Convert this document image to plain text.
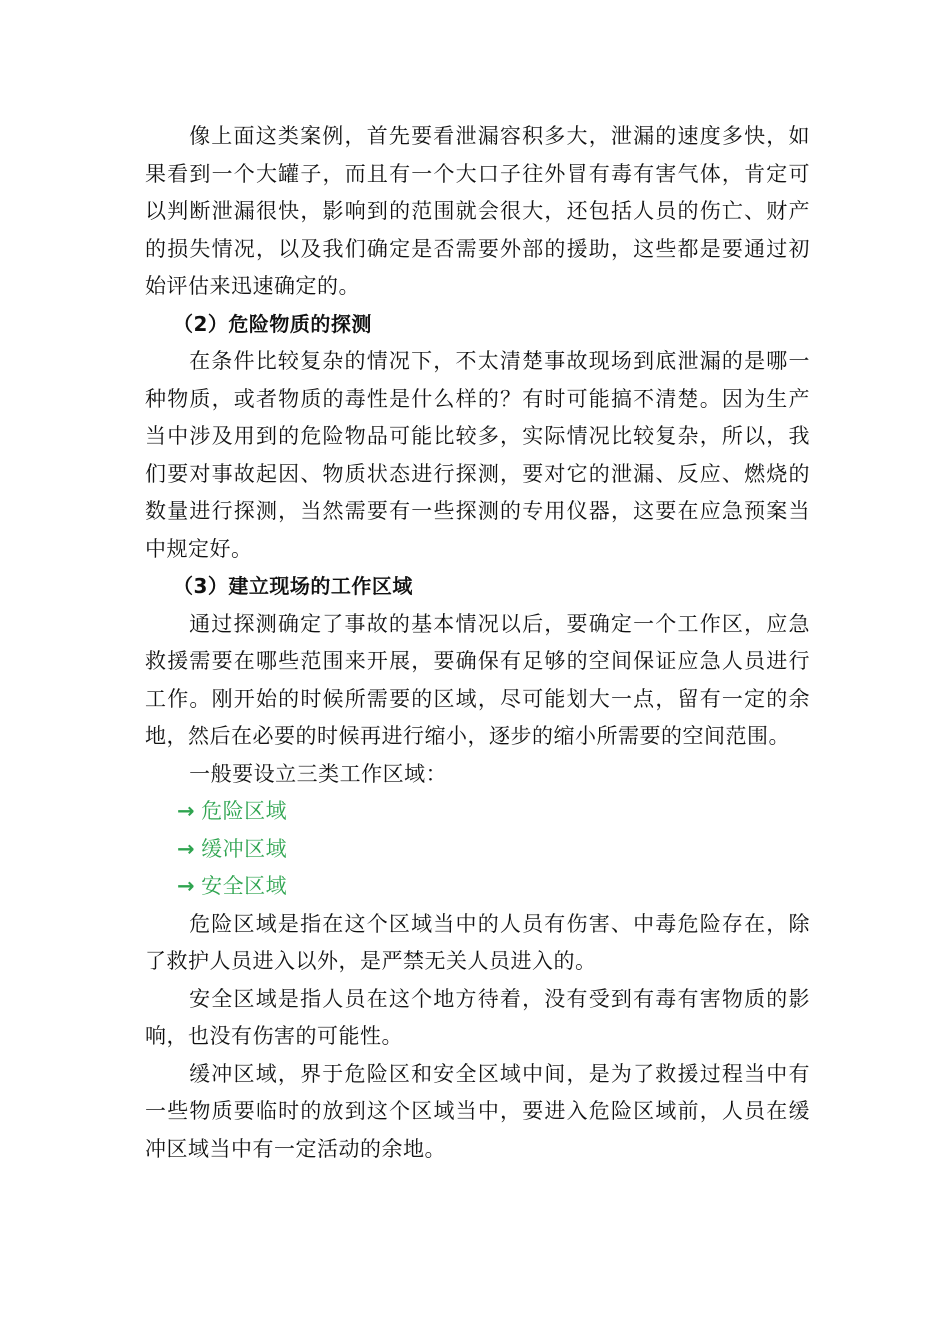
像上面这类案例，首先要看泄漏容积多大，泄漏的速度多快，如果看到一个大罐子，而且有一个大口子往外冒有毒有害气体，肯定可以判断泄漏很快，影响到的范围就会很大，还包括人员的伤亡、财产的损失情况，以及我们确定是否需要外部的援助，这些都是要通过初始评估来迅速确定的。

（2）危险物质的探测

在条件比较复杂的情况下，不太清楚事故现场到底泄漏的是哪一种物质，或者物质的毒性是什么样的？有时可能搞不清楚。因为生产当中涉及用到的危险物品可能比较多，实际情况比较复杂，所以，我们要对事故起因、物质状态进行探测，要对它的泄漏、反应、燃烧的数量进行探测，当然需要有一些探测的专用仪器，这要在应急预案当中规定好。

（3）建立现场的工作区域

通过探测确定了事故的基本情况以后，要确定一个工作区，应急救援需要在哪些范围来开展，要确保有足够的空间保证应急人员进行工作。刚开始的时候所需要的区域，尽可能划大一点，留有一定的余地，然后在必要的时候再进行缩小，逐步的缩小所需要的空间范围。

一般要设立三类工作区域：

→ 危险区域
→ 缓冲区域
→ 安全区域

危险区域是指在这个区域当中的人员有伤害、中毒危险存在，除了救护人员进入以外，是严禁无关人员进入的。

安全区域是指人员在这个地方待着，没有受到有毒有害物质的影响，也没有伤害的可能性。

缓冲区域，界于危险区和安全区域中间，是为了救援过程当中有一些物质要临时的放到这个区域当中，要进入危险区域前，人员在缓冲区域当中有一定活动的余地。
